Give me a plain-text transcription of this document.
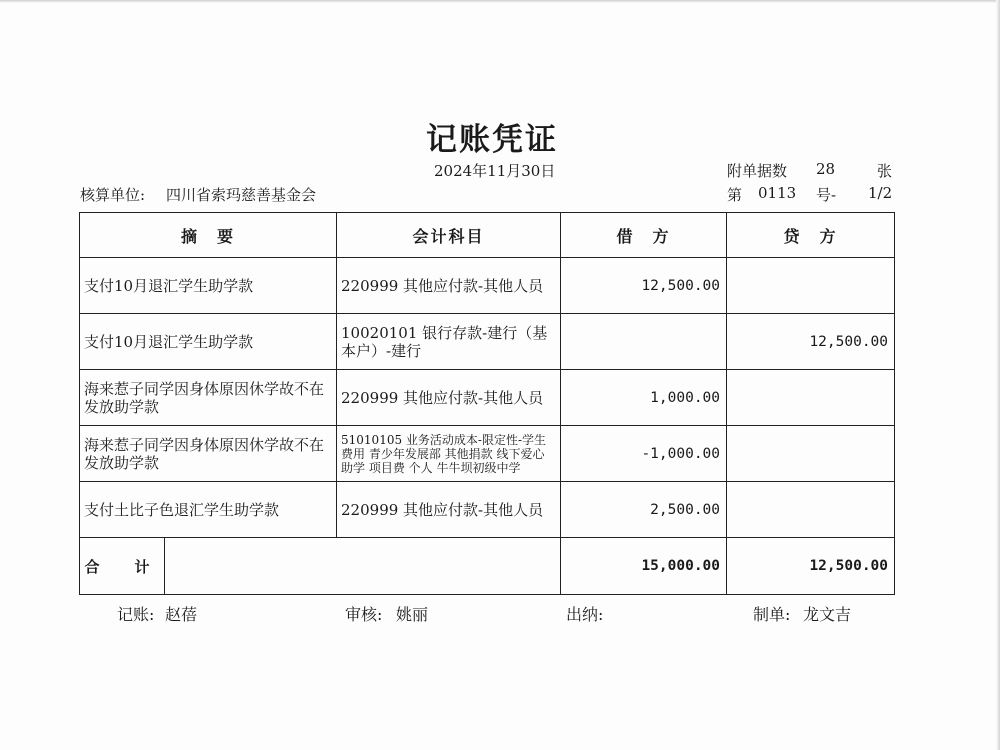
记账凭证
2024年11月30日	附单据数 28	张
核算单位: 四川省索玛慈善基金会	第 0113 号- 1/2
摘　要		会计科目	借　方	贷　方
支付10月退汇学生助学款		220999 其他应付款-其他人员	12,500.00	
支付10月退汇学生助学款		10020101 银行存款-建行（基本户）-建行		12,500.00
海来惹子同学因身体原因休学故不在发放助学款		220999 其他应付款-其他人员	1,000.00	
海来惹子同学因身体原因休学故不在发放助学款		51010105 业务活动成本-限定性-学生费用 青少年发展部 其他捐款 线下爱心助学 项目费 个人 牛牛坝初级中学	-1,000.00	
支付土比子色退汇学生助学款		220999 其他应付款-其他人员	2,500.00	
合　计			15,000.00	12,500.00
记账: 赵蓓	审核: 姚丽	出纳:	制单: 龙文吉
